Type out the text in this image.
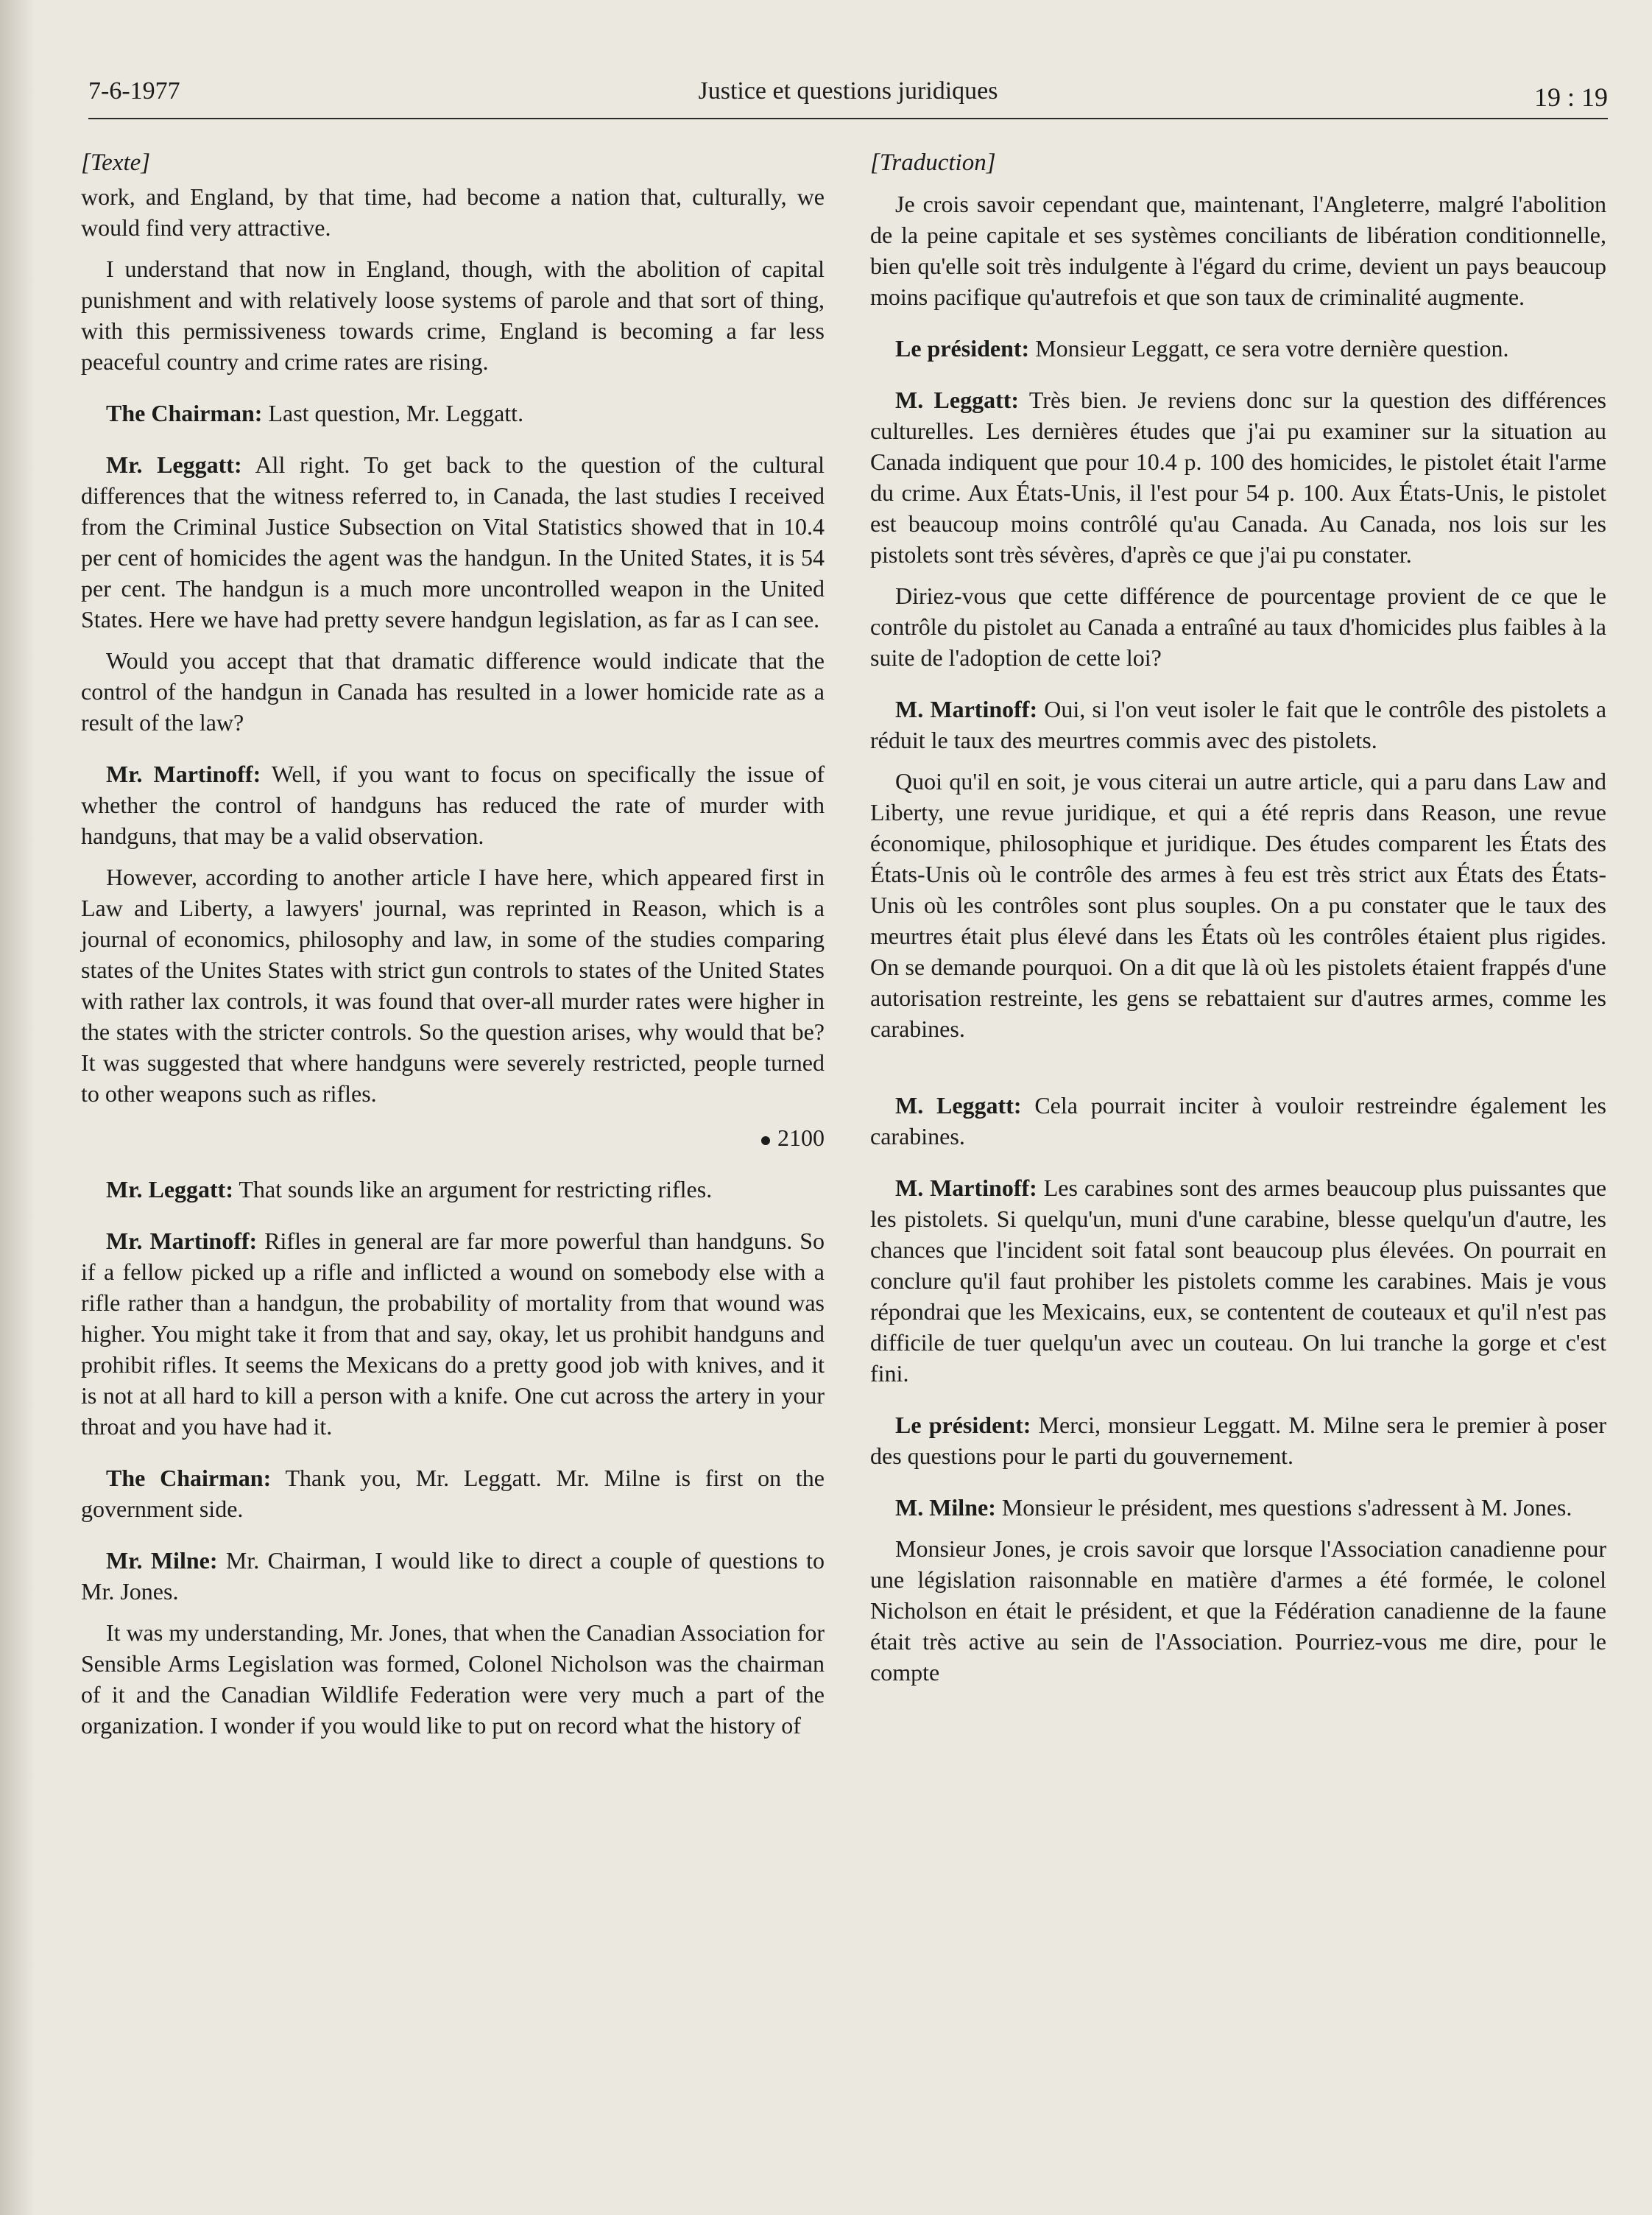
7-6-1977	Justice et questions juridiques	19 : 19
[Texte]

work, and England, by that time, had become a nation that, culturally, we would find very attractive.

I understand that now in England, though, with the abolition of capital punishment and with relatively loose systems of parole and that sort of thing, with this permissiveness towards crime, England is becoming a far less peaceful country and crime rates are rising.

The Chairman: Last question, Mr. Leggatt.

Mr. Leggatt: All right. To get back to the question of the cultural differences that the witness referred to, in Canada, the last studies I received from the Criminal Justice Subsection on Vital Statistics showed that in 10.4 per cent of homicides the agent was the handgun. In the United States, it is 54 per cent. The handgun is a much more uncontrolled weapon in the United States. Here we have had pretty severe handgun legislation, as far as I can see.

Would you accept that that dramatic difference would indicate that the control of the handgun in Canada has resulted in a lower homicide rate as a result of the law?

Mr. Martinoff: Well, if you want to focus on specifically the issue of whether the control of handguns has reduced the rate of murder with handguns, that may be a valid observation.

However, according to another article I have here, which appeared first in Law and Liberty, a lawyers' journal, was reprinted in Reason, which is a journal of economics, philosophy and law, in some of the studies comparing states of the Unites States with strict gun controls to states of the United States with rather lax controls, it was found that over-all murder rates were higher in the states with the stricter controls. So the question arises, why would that be? It was suggested that where handguns were severely restricted, people turned to other weapons such as rifles.

2100

Mr. Leggatt: That sounds like an argument for restricting rifles.

Mr. Martinoff: Rifles in general are far more powerful than handguns. So if a fellow picked up a rifle and inflicted a wound on somebody else with a rifle rather than a handgun, the probability of mortality from that wound was higher. You might take it from that and say, okay, let us prohibit handguns and prohibit rifles. It seems the Mexicans do a pretty good job with knives, and it is not at all hard to kill a person with a knife. One cut across the artery in your throat and you have had it.

The Chairman: Thank you, Mr. Leggatt. Mr. Milne is first on the government side.

Mr. Milne: Mr. Chairman, I would like to direct a couple of questions to Mr. Jones.

It was my understanding, Mr. Jones, that when the Canadian Association for Sensible Arms Legislation was formed, Colonel Nicholson was the chairman of it and the Canadian Wildlife Federation were very much a part of the organization. I wonder if you would like to put on record what the history of

[Traduction]

Je crois savoir cependant que, maintenant, l'Angleterre, malgré l'abolition de la peine capitale et ses systèmes conciliants de libération conditionnelle, bien qu'elle soit très indulgente à l'égard du crime, devient un pays beaucoup moins pacifique qu'autrefois et que son taux de criminalité augmente.

Le président: Monsieur Leggatt, ce sera votre dernière question.

M. Leggatt: Très bien. Je reviens donc sur la question des différences culturelles. Les dernières études que j'ai pu examiner sur la situation au Canada indiquent que pour 10.4 p. 100 des homicides, le pistolet était l'arme du crime. Aux États-Unis, il l'est pour 54 p. 100. Aux États-Unis, le pistolet est beaucoup moins contrôlé qu'au Canada. Au Canada, nos lois sur les pistolets sont très sévères, d'après ce que j'ai pu constater.

Diriez-vous que cette différence de pourcentage provient de ce que le contrôle du pistolet au Canada a entraîné au taux d'homicides plus faibles à la suite de l'adoption de cette loi?

M. Martinoff: Oui, si l'on veut isoler le fait que le contrôle des pistolets a réduit le taux des meurtres commis avec des pistolets.

Quoi qu'il en soit, je vous citerai un autre article, qui a paru dans Law and Liberty, une revue juridique, et qui a été repris dans Reason, une revue économique, philosophique et juridique. Des études comparent les États des États-Unis où le contrôle des armes à feu est très strict aux États des États-Unis où les contrôles sont plus souples. On a pu constater que le taux des meurtres était plus élevé dans les États où les contrôles étaient plus rigides. On se demande pourquoi. On a dit que là où les pistolets étaient frappés d'une autorisation restreinte, les gens se rebattaient sur d'autres armes, comme les carabines.

M. Leggatt: Cela pourrait inciter à vouloir restreindre également les carabines.

M. Martinoff: Les carabines sont des armes beaucoup plus puissantes que les pistolets. Si quelqu'un, muni d'une carabine, blesse quelqu'un d'autre, les chances que l'incident soit fatal sont beaucoup plus élevées. On pourrait en conclure qu'il faut prohiber les pistolets comme les carabines. Mais je vous répondrai que les Mexicains, eux, se contentent de couteaux et qu'il n'est pas difficile de tuer quelqu'un avec un couteau. On lui tranche la gorge et c'est fini.

Le président: Merci, monsieur Leggatt. M. Milne sera le premier à poser des questions pour le parti du gouvernement.

M. Milne: Monsieur le président, mes questions s'adressent à M. Jones.

Monsieur Jones, je crois savoir que lorsque l'Association canadienne pour une législation raisonnable en matière d'armes a été formée, le colonel Nicholson en était le président, et que la Fédération canadienne de la faune était très active au sein de l'Association. Pourriez-vous me dire, pour le compte
